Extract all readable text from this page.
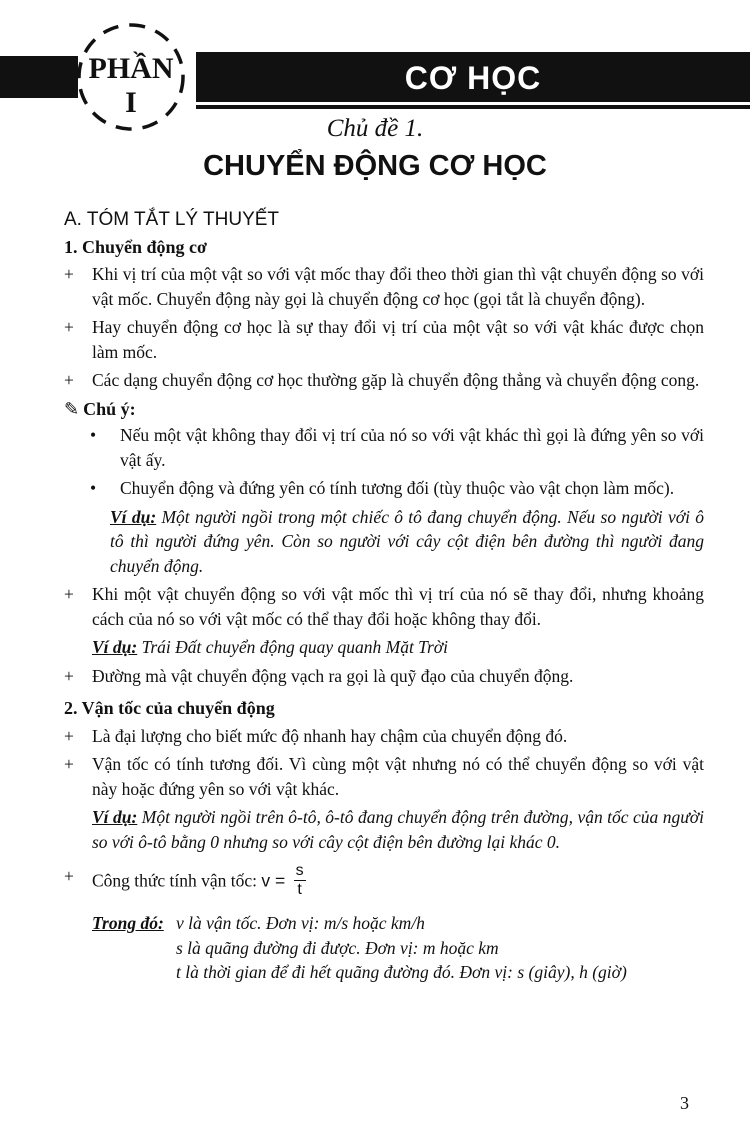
CƠ HỌC
PHẦN
I
Chủ đề 1.
CHUYỂN ĐỘNG CƠ HỌC
A. TÓM TẮT LÝ THUYẾT
1. Chuyển động cơ
+	Khi vị trí của một vật so với vật mốc thay đổi theo thời gian thì vật chuyển động so với vật mốc. Chuyển động này gọi là chuyển động cơ học (gọi tắt là chuyển động).
+	Hay chuyển động cơ học là sự thay đổi vị trí của một vật so với vật khác được chọn làm mốc.
+	Các dạng chuyển động cơ học thường gặp là chuyển động thẳng và chuyển động cong.
✎ Chú ý:
• Nếu một vật không thay đổi vị trí của nó so với vật khác thì gọi là đứng yên so với vật ấy.
• Chuyển động và đứng yên có tính tương đối (tùy thuộc vào vật chọn làm mốc).
Ví dụ: Một người ngồi trong một chiếc ô tô đang chuyển động. Nếu so người với ô tô thì người đứng yên. Còn so người với cây cột điện bên đường thì người đang chuyển động.
+	Khi một vật chuyển động so với vật mốc thì vị trí của nó sẽ thay đổi, nhưng khoảng cách của nó so với vật mốc có thể thay đổi hoặc không thay đổi.
Ví dụ: Trái Đất chuyển động quay quanh Mặt Trời
+	Đường mà vật chuyển động vạch ra gọi là quỹ đạo của chuyển động.
2. Vận tốc của chuyển động
+	Là đại lượng cho biết mức độ nhanh hay chậm của chuyển động đó.
+	Vận tốc có tính tương đối. Vì cùng một vật nhưng nó có thể chuyển động so với vật này hoặc đứng yên so với vật khác.
Ví dụ: Một người ngồi trên ô-tô, ô-tô đang chuyển động trên đường, vận tốc của người so với ô-tô bằng 0 nhưng so với cây cột điện bên đường lại khác 0.
+	Công thức tính vận tốc: $v = \frac{s}{t}$
Trong đó: v là vận tốc. Đơn vị: m/s hoặc km/h
s là quãng đường đi được. Đơn vị: m hoặc km
t là thời gian để đi hết quãng đường đó. Đơn vị: s (giây), h (giờ)
3
